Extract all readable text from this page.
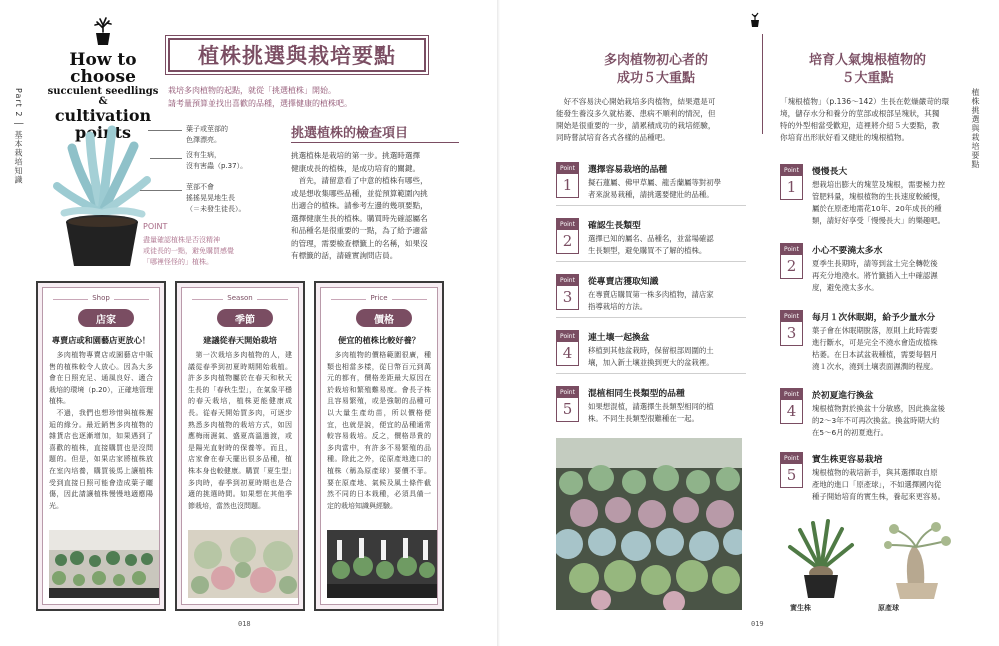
Part 2 │ 基本栽培知識
How to choose
succulent seedlings
&
cultivation
points
植株挑選與栽培要點
栽培多肉植物的起點，就從「挑選植株」開始。
請考量預算並找出喜歡的品種，選擇健康的植株吧。
葉子或莖部的
色澤漂亮。
沒有生病，
沒有害蟲（p.37）。
莖部不會
搖搖晃晃地生長
（＝未發生徒長）。
POINT
盡量確認植株是否沒精神
或徒長的一點，避免購買感覺
「哪裡怪怪的」植株。
挑選植株的檢查項目
挑選植株是栽培的第一步。挑選時選擇
健康成長的植株，是成功培育的關鍵。
　首先，請留意看了中意的植株有哪些，
或是想收集哪些品種，並從預算範圍內挑
出適合的植株。請參考左邊的幾項要點，
選擇健康生長的植株。購買時先確認屬名
和品種名是很重要的一點，為了給予適當
的管理，需要檢查標籤上的名稱，如果沒
有標籤的話，請確實詢問店員。
Shop
店家
專賣店或和園藝店更放心！
　多肉植物專賣店或園藝店中販售的植株較令人放心。因為大多會在日照充足、通風良好、適合栽培的環境（p.20），正確地管理植株。
　不過，我們也想珍惜與植株邂逅的緣分。最近銷售多肉植物的雜貨店也逐漸增加，如果遇到了喜歡的植株，直接購買也是沒問題的。但是，如果店家將植株放在室內培養，購買後馬上讓植株受到直接日照可能會造成葉子曬傷，因此請讓植株慢慢地適應陽光。
Season
季節
建議從春天開始栽培
　第一次栽培多肉植物的人，建議從春季到初夏時期開始栽植。許多多肉植物屬於在春天和秋天生長的「春秋生型」，在氣象平穩的春天栽培，植株更能健康成長。從春天開始買多肉，可逐步熟悉多肉植物的栽培方式，如因應梅雨濕氣、盛夏高溫過渡，或是陽光直射時的保養等。而且，店家會在春天擺出很多品種，植株本身也較健康。購買「夏生型」多肉時，春季到初夏時期也是合適的挑選時間。如果想在其他季節栽培，當然也沒問題。
Price
價格
便宜的植株比較好養？
　多肉植物的價格範圍很廣，種類也相當多樣，從日幣百元到萬元的都有，價格差距最大原因在於栽培和繁殖難易度。會長子株且容易繁殖，或是強韌的品種可以大量生產幼苗，所以價格便宜，也就是說，便宜的品種通常較容易栽培。反之，價格昂貴的多肉當中，有許多不易繁殖的品種。除此之外，從原產地進口的植株（稱為原產球）要價不菲。要在原產地、氣候及風土條件截然不同的日本栽種，必須具備一定的栽培知識與經驗。
018
植株挑選與栽培要點
多肉植物初心者的
成功５大重點
　好不容易決心開始栽培多肉植物，結果還是可
能發生養沒多久就枯萎、患病不順利的情況，但
開始是很重要的一步，請累積成功的栽培經驗，
同時嘗試培育各式各樣的品種吧。
Point
1
選擇容易栽培的品種
擬石蓮屬、佛甲草屬、龍舌蘭屬等對初學
者來說易栽種，請挑選要健壯的品種。
Point
2
確認生長類型
選擇已知的屬名、品種名，並當場確認
生長類型，避免購買不了解的植株。
Point
3
從專賣店獲取知識
在專賣店購買第一株多肉植物，請店家
指導栽培的方法。
Point
4
連土壤一起換盆
移植到其他盆栽時，保留根部周圍的土
壤，加入新土壤並換到更大的盆栽裡。
Point
5
混植相同生長類型的品種
如果想混植，請選擇生長類型相同的植
株。不同生長類型很難種在一起。
培育人氣塊根植物的
５大重點
「塊根植物」（p.136～142）生長在乾燥嚴苛的環
境，儲存水分和養分的莖部或根部呈塊狀，其獨
特的外型相當受歡迎，這裡將介紹５大要點，教
你培育出形狀好看又健壯的塊根植物。
Point
1
慢慢長大
想栽培出膨大的塊莖及塊根，需要極力控
管肥料量，塊根植物的生長速度較緩慢，
屬於在原產地需花10年、20年成長的種
類，請好好享受「慢慢長大」的樂趣吧。
Point
2
小心不要澆太多水
夏季生長期時，請等到盆土完全轉乾後
再充分地澆水。將竹籤插入土中確認濕
度，避免澆太多水。
Point
3
每月１次休眠期，給予少量水分
葉子會在休眠期脫落，原則上此時需要
進行斷水，可是完全不澆水會造成植株
枯萎。在日本試盆栽種植，需要每個月
澆１次水，澆到土壤表面濕潤的程度。
Point
4
於初夏進行換盆
塊根植物對於換盆十分敏感，因此換盆後
的2～3年不可再次換盆。換盆時期大約
在5～6月的初夏進行。
Point
5
實生株更容易栽培
塊根植物的栽培新手，與其選擇取自原
產地的進口「原產球」，不如選擇國內從
種子開始培育的實生株，養起來更容易。
實生株	原產球
019
